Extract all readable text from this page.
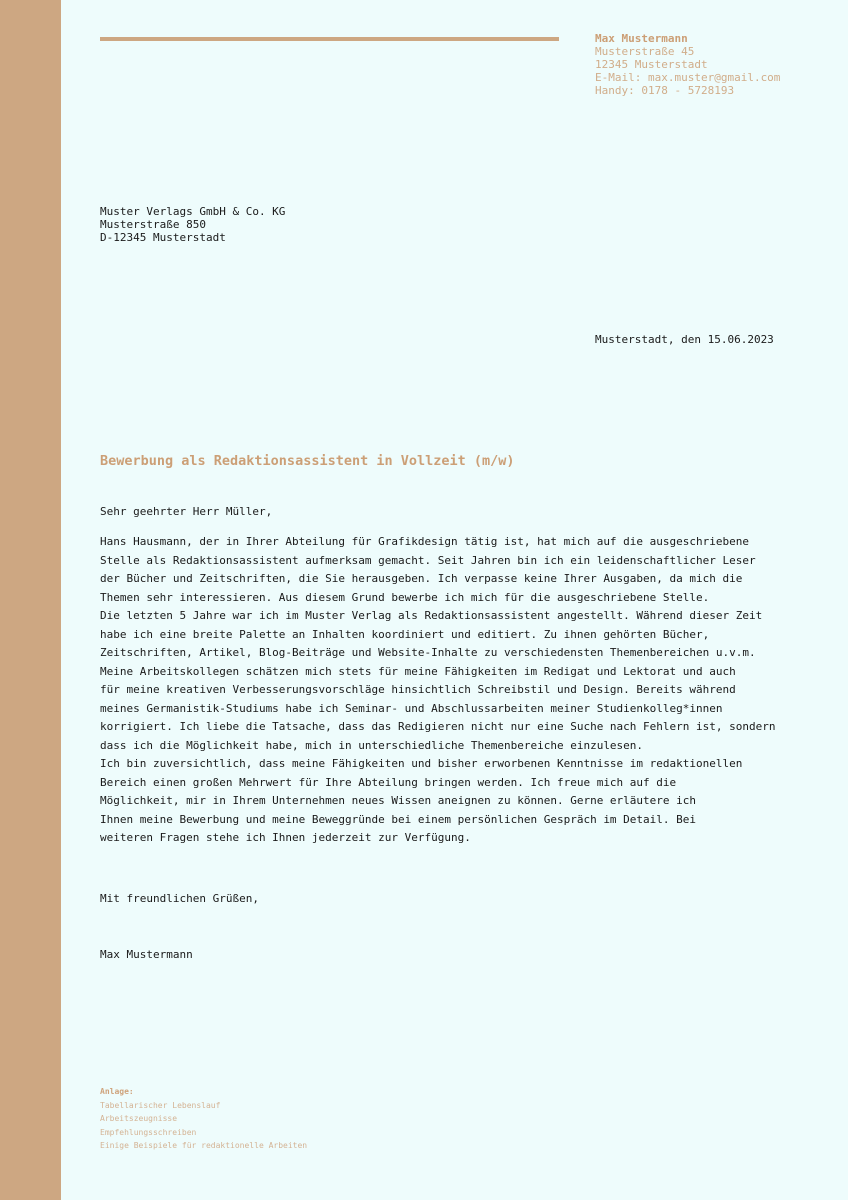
Max Mustermann
Musterstraße 45
12345 Musterstadt
E-Mail: max.muster@gmail.com
Handy: 0178 - 5728193
Muster Verlags GmbH & Co. KG
Musterstraße 850
D-12345 Musterstadt
Musterstadt, den 15.06.2023
Bewerbung als Redaktionsassistent in Vollzeit (m/w)
Sehr geehrter Herr Müller,
Hans Hausmann, der in Ihrer Abteilung für Grafikdesign tätig ist, hat mich auf die ausgeschriebene
Stelle als Redaktionsassistent aufmerksam gemacht. Seit Jahren bin ich ein leidenschaftlicher Leser
der Bücher und Zeitschriften, die Sie herausgeben. Ich verpasse keine Ihrer Ausgaben, da mich die
Themen sehr interessieren. Aus diesem Grund bewerbe ich mich für die ausgeschriebene Stelle.
Die letzten 5 Jahre war ich im Muster Verlag als Redaktionsassistent angestellt. Während dieser Zeit
habe ich eine breite Palette an Inhalten koordiniert und editiert. Zu ihnen gehörten Bücher,
Zeitschriften, Artikel, Blog-Beiträge und Website-Inhalte zu verschiedensten Themenbereichen u.v.m.
Meine Arbeitskollegen schätzen mich stets für meine Fähigkeiten im Redigat und Lektorat und auch
für meine kreativen Verbesserungsvorschläge hinsichtlich Schreibstil und Design. Bereits während
meines Germanistik-Studiums habe ich Seminar- und Abschlussarbeiten meiner Studienkolleg*innen
korrigiert. Ich liebe die Tatsache, dass das Redigieren nicht nur eine Suche nach Fehlern ist, sondern
dass ich die Möglichkeit habe, mich in unterschiedliche Themenbereiche einzulesen.
Ich bin zuversichtlich, dass meine Fähigkeiten und bisher erworbenen Kenntnisse im redaktionellen
Bereich einen großen Mehrwert für Ihre Abteilung bringen werden. Ich freue mich auf die
Möglichkeit, mir in Ihrem Unternehmen neues Wissen aneignen zu können. Gerne erläutere ich
Ihnen meine Bewerbung und meine Beweggründe bei einem persönlichen Gespräch im Detail. Bei
weiteren Fragen stehe ich Ihnen jederzeit zur Verfügung.
Mit freundlichen Grüßen,
Max Mustermann
Anlage:
Tabellarischer Lebenslauf
Arbeitszeugnisse
Empfehlungsschreiben
Einige Beispiele für redaktionelle Arbeiten
